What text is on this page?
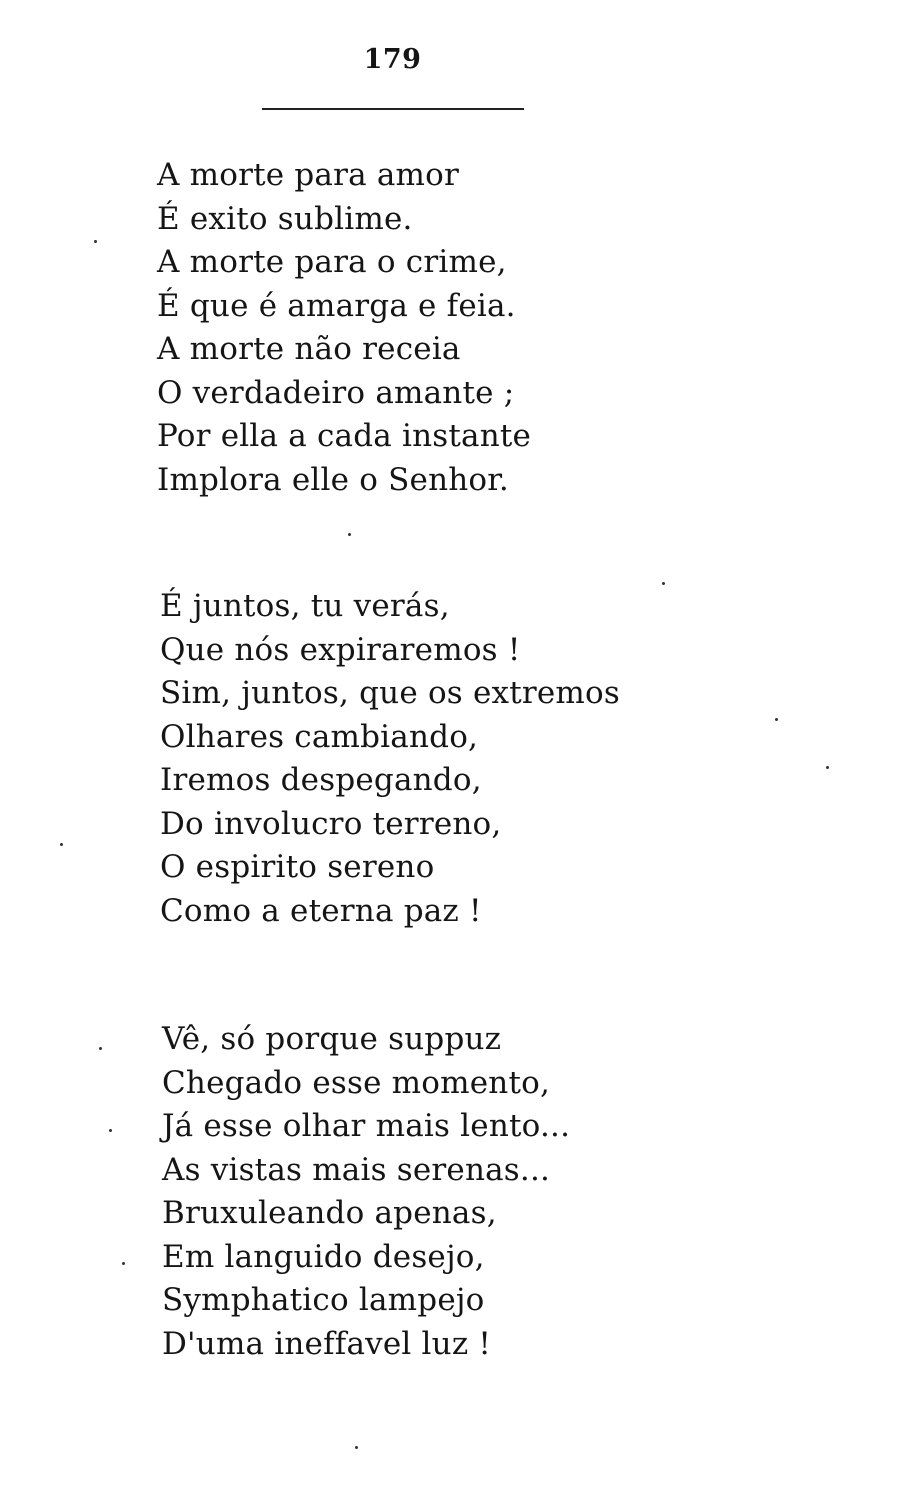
179
A morte para amor
É exito sublime.
A morte para o crime,
É que é amarga e feia.
A morte não receia
O verdadeiro amante ;
Por ella a cada instante
Implora elle o Senhor.
É juntos, tu verás,
Que nós expiraremos !
Sim, juntos, que os extremos
Olhares cambiando,
Iremos despegando,
Do involucro terreno,
O espirito sereno
Como a eterna paz !
Vê, só porque suppuz
Chegado esse momento,
Já esse olhar mais lento...
As vistas mais serenas...
Bruxuleando apenas,
Em languido desejo,
Symphatico lampejo
D'uma ineffavel luz !
